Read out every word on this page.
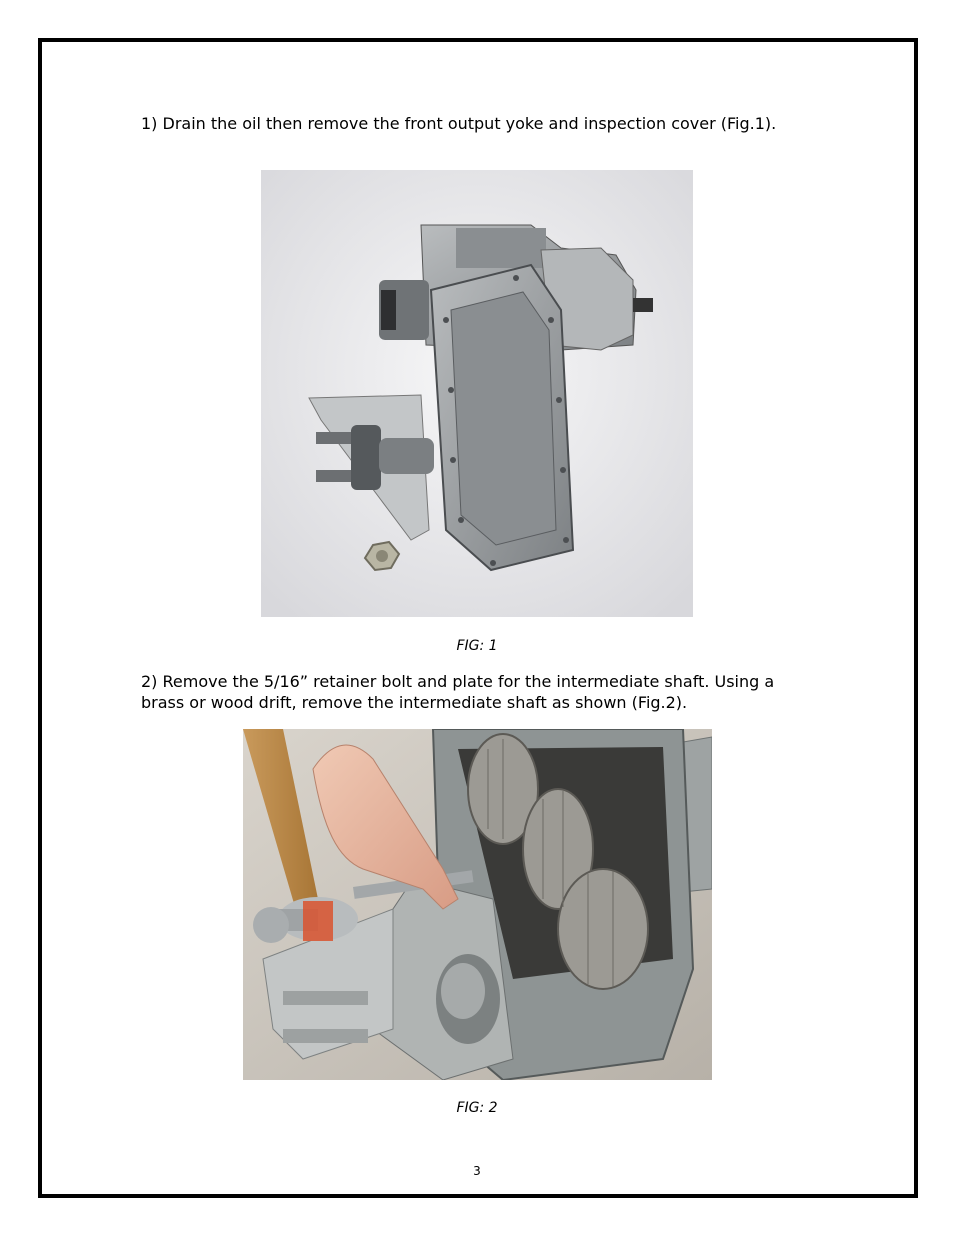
1) Drain the oil then remove the front output yoke and inspection cover (Fig.1).

FIG: 1

2) Remove the 5/16” retainer bolt and plate for the intermediate shaft. Using a brass or wood drift, remove the intermediate shaft as shown (Fig.2).

FIG: 2

3
